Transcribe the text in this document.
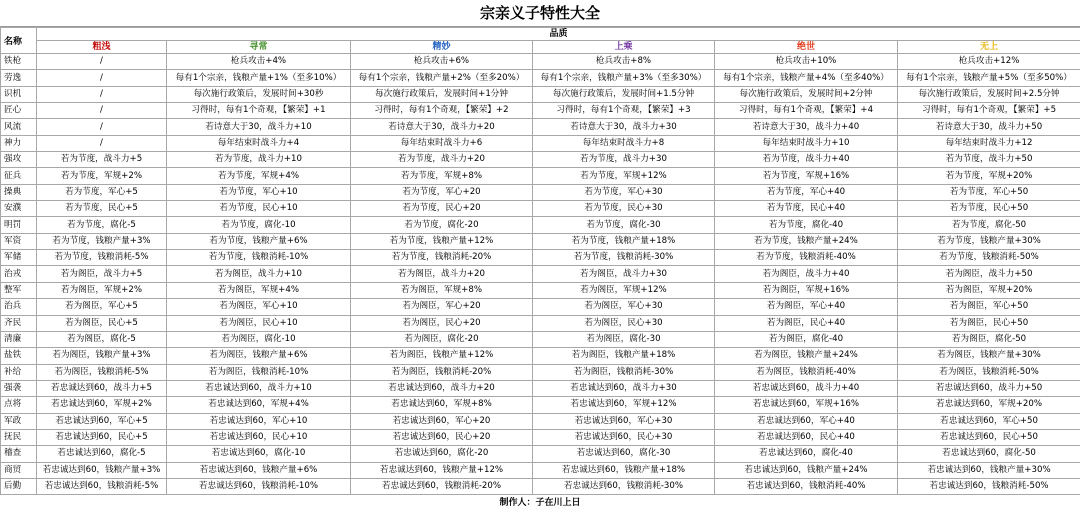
宗亲义子特性大全
名称	品质					
	粗浅	寻常	精妙	上乘	绝世	无上
铁枪	/	枪兵攻击+4%	枪兵攻击+6%	枪兵攻击+8%	枪兵攻击+10%	枪兵攻击+12%
劳逸	/	每有1个宗亲，钱粮产量+1%（至多10%）	每有1个宗亲，钱粮产量+2%（至多20%）	每有1个宗亲，钱粮产量+3%（至多30%）	每有1个宗亲，钱粮产量+4%（至多40%）	每有1个宗亲，钱粮产量+5%（至多50%）
识机	/	每次施行政策后，发展时间+30秒	每次施行政策后，发展时间+1分钟	每次施行政策后，发展时间+1.5分钟	每次施行政策后，发展时间+2分钟	每次施行政策后，发展时间+2.5分钟
匠心	/	习得时，每有1个奇观，【繁荣】+1	习得时，每有1个奇观，【繁荣】+2	习得时，每有1个奇观，【繁荣】+3	习得时，每有1个奇观，【繁荣】+4	习得时，每有1个奇观，【繁荣】+5
风流	/	若诗意大于30，战斗力+10	若诗意大于30，战斗力+20	若诗意大于30，战斗力+30	若诗意大于30，战斗力+40	若诗意大于30，战斗力+50
神力	/	每年结束时战斗力+4	每年结束时战斗力+6	每年结束时战斗力+8	每年结束时战斗力+10	每年结束时战斗力+12
强攻	若为节度，战斗力+5	若为节度，战斗力+10	若为节度，战斗力+20	若为节度，战斗力+30	若为节度，战斗力+40	若为节度，战斗力+50
征兵	若为节度，军规+2%	若为节度，军规+4%	若为节度，军规+8%	若为节度，军规+12%	若为节度，军规+16%	若为节度，军规+20%
操典	若为节度，军心+5	若为节度，军心+10	若为节度，军心+20	若为节度，军心+30	若为节度，军心+40	若为节度，军心+50
安濮	若为节度，民心+5	若为节度，民心+10	若为节度，民心+20	若为节度，民心+30	若为节度，民心+40	若为节度，民心+50
明罚	若为节度，腐化-5	若为节度，腐化-10	若为节度，腐化-20	若为节度，腐化-30	若为节度，腐化-40	若为节度，腐化-50
军资	若为节度，钱粮产量+3%	若为节度，钱粮产量+6%	若为节度，钱粮产量+12%	若为节度，钱粮产量+18%	若为节度，钱粮产量+24%	若为节度，钱粮产量+30%
军储	若为节度，钱粮消耗-5%	若为节度，钱粮消耗-10%	若为节度，钱粮消耗-20%	若为节度，钱粮消耗-30%	若为节度，钱粮消耗-40%	若为节度，钱粮消耗-50%
治戎	若为阁臣，战斗力+5	若为阁臣，战斗力+10	若为阁臣，战斗力+20	若为阁臣，战斗力+30	若为阁臣，战斗力+40	若为阁臣，战斗力+50
整军	若为阁臣，军规+2%	若为阁臣，军规+4%	若为阁臣，军规+8%	若为阁臣，军规+12%	若为阁臣，军规+16%	若为阁臣，军规+20%
治兵	若为阁臣，军心+5	若为阁臣，军心+10	若为阁臣，军心+20	若为阁臣，军心+30	若为阁臣，军心+40	若为阁臣，军心+50
齐民	若为阁臣，民心+5	若为阁臣，民心+10	若为阁臣，民心+20	若为阁臣，民心+30	若为阁臣，民心+40	若为阁臣，民心+50
清廉	若为阁臣，腐化-5	若为阁臣，腐化-10	若为阁臣，腐化-20	若为阁臣，腐化-30	若为阁臣，腐化-40	若为阁臣，腐化-50
盐铁	若为阁臣，钱粮产量+3%	若为阁臣，钱粮产量+6%	若为阁臣，钱粮产量+12%	若为阁臣，钱粮产量+18%	若为阁臣，钱粮产量+24%	若为阁臣，钱粮产量+30%
补给	若为阁臣，钱粮消耗-5%	若为阁臣，钱粮消耗-10%	若为阁臣，钱粮消耗-20%	若为阁臣，钱粮消耗-30%	若为阁臣，钱粮消耗-40%	若为阁臣，钱粮消耗-50%
强袭	若忠诚达到60，战斗力+5	若忠诚达到60，战斗力+10	若忠诚达到60，战斗力+20	若忠诚达到60，战斗力+30	若忠诚达到60，战斗力+40	若忠诚达到60，战斗力+50
点将	若忠诚达到60，军规+2%	若忠诚达到60，军规+4%	若忠诚达到60，军规+8%	若忠诚达到60，军规+12%	若忠诚达到60，军规+16%	若忠诚达到60，军规+20%
军政	若忠诚达到60，军心+5	若忠诚达到60，军心+10	若忠诚达到60，军心+20	若忠诚达到60，军心+30	若忠诚达到60，军心+40	若忠诚达到60，军心+50
抚民	若忠诚达到60，民心+5	若忠诚达到60，民心+10	若忠诚达到60，民心+20	若忠诚达到60，民心+30	若忠诚达到60，民心+40	若忠诚达到60，民心+50
稽查	若忠诚达到60，腐化-5	若忠诚达到60，腐化-10	若忠诚达到60，腐化-20	若忠诚达到60，腐化-30	若忠诚达到60，腐化-40	若忠诚达到60，腐化-50
商贸	若忠诚达到60，钱粮产量+3%	若忠诚达到60，钱粮产量+6%	若忠诚达到60，钱粮产量+12%	若忠诚达到60，钱粮产量+18%	若忠诚达到60，钱粮产量+24%	若忠诚达到60，钱粮产量+30%
后勤	若忠诚达到60，钱粮消耗-5%	若忠诚达到60，钱粮消耗-10%	若忠诚达到60，钱粮消耗-20%	若忠诚达到60，钱粮消耗-30%	若忠诚达到60，钱粮消耗-40%	若忠诚达到60，钱粮消耗-50%
制作人：子在川上日
